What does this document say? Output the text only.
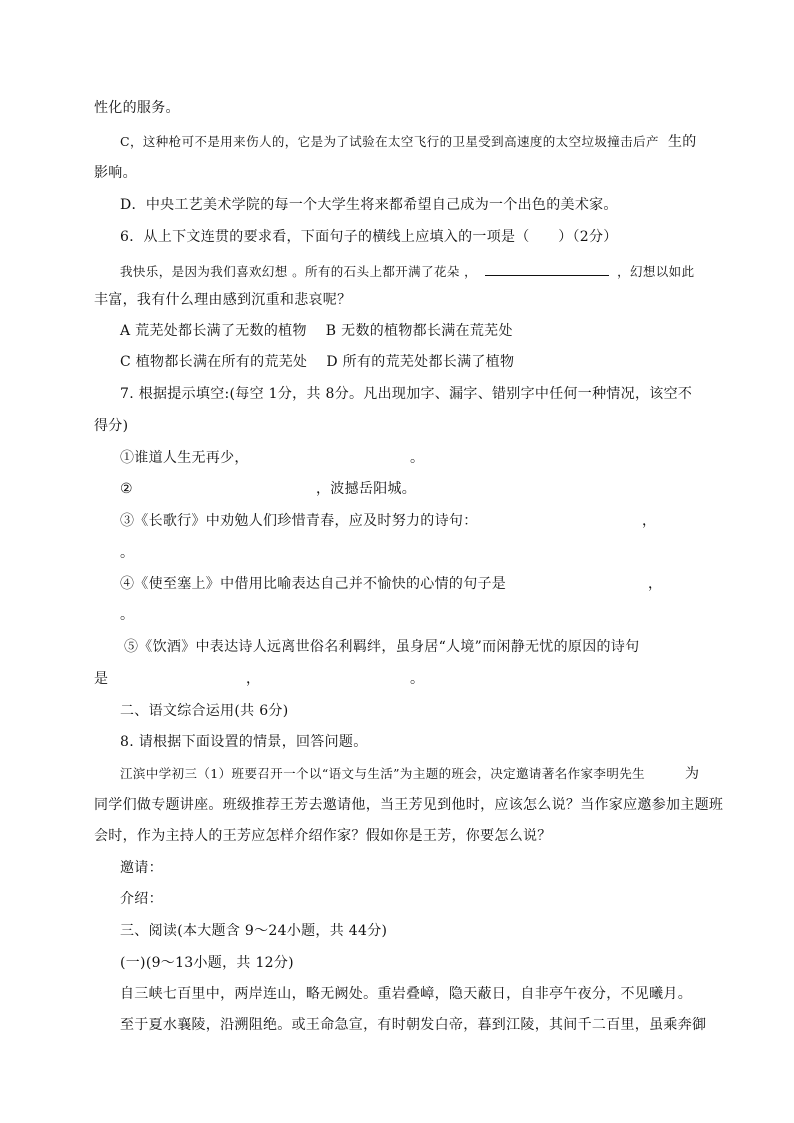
性化的服务。
C，这种枪可不是用来伤人的，它是为了试验在太空飞行的卫星受到高速度的太空垃圾撞击后产 生的
影响。
D．中央工艺美术学院的每一个大学生将来都希望自己成为一个出色的美术家。
6．从上下文连贯的要求看，下面句子的横线上应填入的一项是（　　）（2分）
我快乐，是因为我们喜欢幻想 。所有的石头上都开满了花朵 ，	，幻想以如此
丰富，我有什么理由感到沉重和悲哀呢？
A 荒芜处都长满了无数的植物　 B 无数的植物都长满在荒芜处
C 植物都长满在所有的荒芜处　 D 所有的荒芜处都长满了植物
7. 根据提示填空:(每空 1分，共 8分。凡出现加字、漏字、错别字中任何一种情况，该空不
得分)
①谁道人生无再少，	。
②	，波撼岳阳城。
③《长歌行》中劝勉人们珍惜青春，应及时努力的诗句：	，
。
④《使至塞上》中借用比喻表达自己并不愉快的心情的句子是	，
。
⑤《饮酒》中表达诗人远离世俗名利羁绊，虽身居“人境”而闲静无忧的原因的诗句
是	，	。
二、语文综合运用(共 6分)
8. 请根据下面设置的情景，回答问题。
江滨中学初三（1）班要召开一个以“语文与生活”为主题的班会，决定邀请著名作家李明先生	为
同学们做专题讲座。班级推荐王芳去邀请他，当王芳见到他时，应该怎么说？当作家应邀参加主题班
会时，作为主持人的王芳应怎样介绍作家？假如你是王芳，你要怎么说？
邀请：
介绍：
三、阅读(本大题含 9～24小题，共 44分)
(一)(9～13小题，共 12分)
自三峡七百里中，两岸连山，略无阙处。重岩叠嶂，隐天蔽日，自非亭午夜分，不见曦月。
至于夏水襄陵，沿溯阻绝。或王命急宣，有时朝发白帝，暮到江陵，其间千二百里，虽乘奔御
